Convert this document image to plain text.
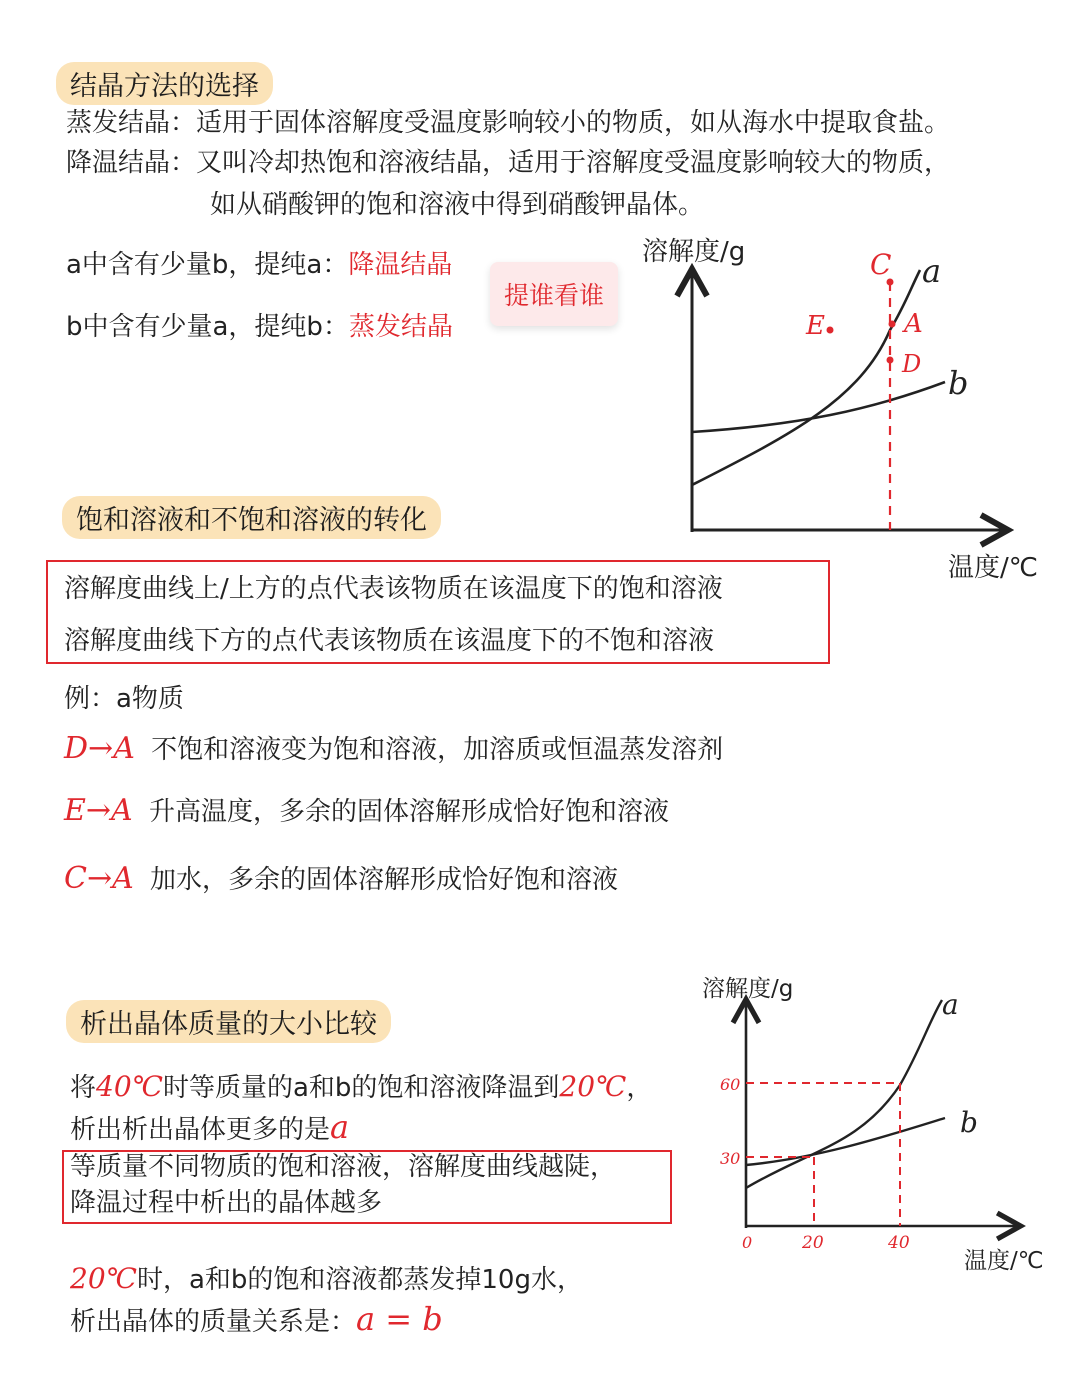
结晶方法的选择
蒸发结晶：适用于固体溶解度受温度影响较小的物质，如从海水中提取食盐。
降温结晶：又叫冷却热饱和溶液结晶，适用于溶解度受温度影响较大的物质，
如从硝酸钾的饱和溶液中得到硝酸钾晶体。
a中含有少量b，提纯a：降温结晶
b中含有少量a，提纯b：蒸发结晶
提谁看谁
溶解度/g
温度/℃
a
b
C
A
D
E
饱和溶液和不饱和溶液的转化
溶解度曲线上/上方的点代表该物质在该温度下的饱和溶液
溶解度曲线下方的点代表该物质在该温度下的不饱和溶液
例：a物质
D→A 不饱和溶液变为饱和溶液，加溶质或恒温蒸发溶剂
E→A 升高温度，多余的固体溶解形成恰好饱和溶液
C→A 加水，多余的固体溶解形成恰好饱和溶液
析出晶体质量的大小比较
将40℃时等质量的a和b的饱和溶液降温到20℃，
析出析出晶体更多的是a
等质量不同物质的饱和溶液，溶解度曲线越陡，
降温过程中析出的晶体越多
20℃时，a和b的饱和溶液都蒸发掉10g水，
析出晶体的质量关系是：a = b
溶解度/g
温度/℃
a
b
60
30
0	20	40
